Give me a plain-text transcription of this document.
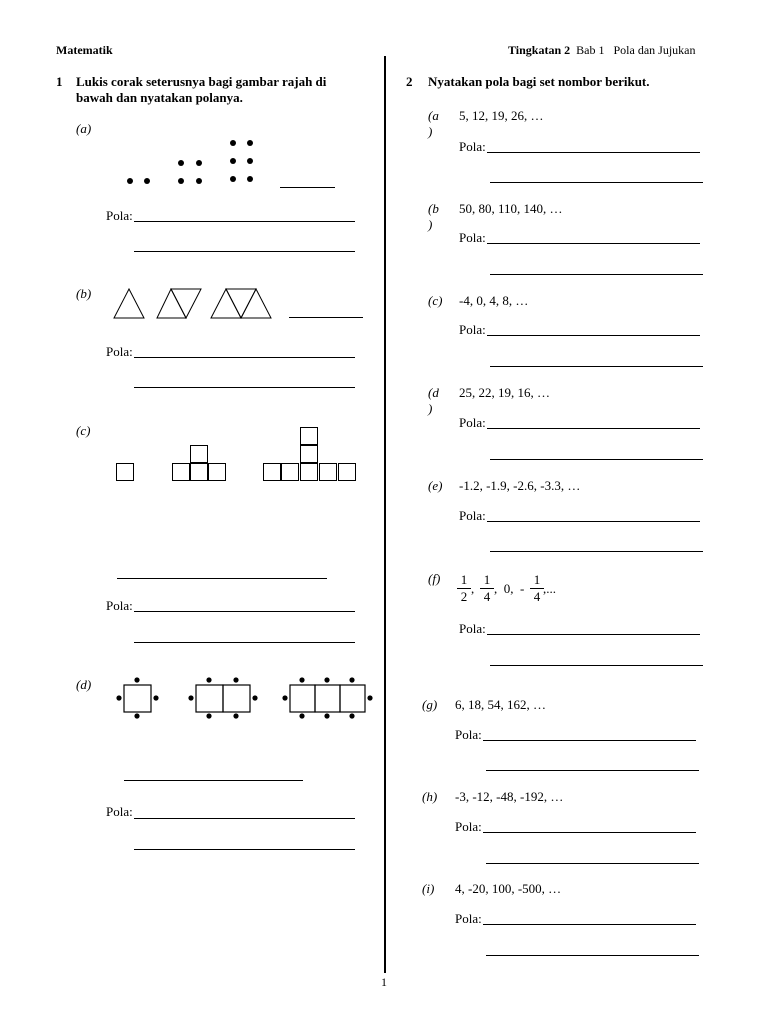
Matematik	Tingkatan 2 Bab 1 Pola dan Jujukan
1 Lukis corak seterusnya bagi gambar rajah di
bawah dan nyatakan polanya.
(a)
Pola:
(b)
Pola:
(c)
Pola:
(d)
Pola:
2 Nyatakan pola bagi set nombor berikut.
(a
)
5, 12, 19, 26, …
Pola:
(b
)
50, 80, 110, 140, …
Pola:
(c) -4, 0, 4, 8, …
Pola:
(d
)
25, 22, 19, 16, …
Pola:
(e) -1.2, -1.9, -2.6, -3.3, …
Pola:
(f) 1
2
,
1
4
,  0,  -
1
4
,...
Pola:
(g) 6, 18, 54, 162, …
Pola:
(h) -3, -12, -48, -192, …
Pola:
(i) 4, -20, 100, -500, …
Pola:
1
